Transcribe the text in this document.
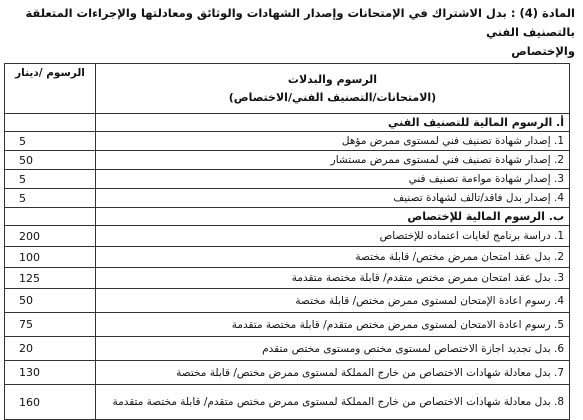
المادة (4) : بدل الاشتراك في الإمتحانات وإصدار الشهادات والوثائق ومعادلتها والإجراءات المتعلقة بالتصنيف الفني
والإختصاص
الرسوم والبدلات
(الامتحانات/التصنيف الفني/الاختصاص)	الرسوم /دينار
أ. الرسوم المالية للتصنيف الفني	
1. إصدار شهادة تصنيف فني لمستوى ممرض مؤهل	5
2. إصدار شهادة تصنيف فني لمستوى ممرض مستشار	50
3. إصدار شهادة مواءمة تصنيف فني	5
4. إصدار بدل فاقد/تالف لشهادة تصنيف	5
ب. الرسوم المالية للإختصاص	
1. دراسة برنامج لغايات اعتماده للإختصاص	200
2. بدل عقد امتحان ممرض مختص/ قابلة مختصة	100
3. بدل عقد امتحان ممرض مختص متقدم/ قابلة مختصة متقدمة	125
4. رسوم اعادة الإمتحان لمستوى ممرض مختص/ قابلة مختصة	50
5. رسوم اعادة الامتحان لمستوى ممرض مختص متقدم/ قابلة مختصة متقدمة	75
6. بدل تجديد اجازة الاختصاص لمستوى مختص ومستوى مختص متقدم	20
7. بدل معادلة شهادات الاختصاص من خارج المملكة لمستوى ممرض مختص/ قابلة مختصة	130
8. بدل معادلة شهادات الاختصاص من خارج المملكة لمستوى ممرض مختص متقدم/ قابلة مختصة متقدمة	160
